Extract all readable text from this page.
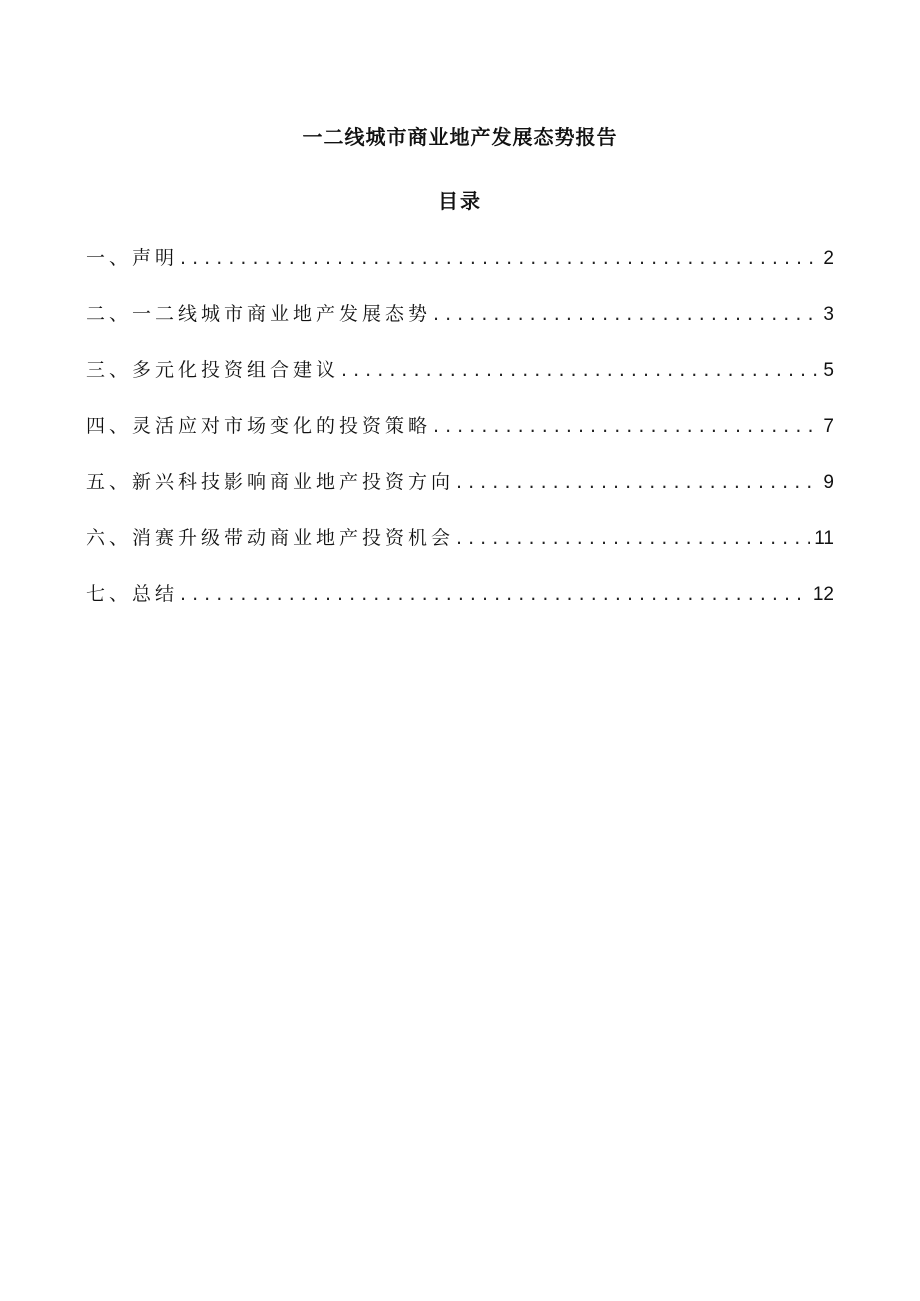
一二线城市商业地产发展态势报告
目录
一、声明 . . .	2
二、一二线城市商业地产发展态势 . . .	3
三、多元化投资组合建议 . . .	5
四、灵活应对市场变化的投资策略 . . .	7
五、新兴科技影响商业地产投资方向 . . .	9
六、消赛升级带动商业地产投资机会 . . .	11
七、总结 . . .	12
